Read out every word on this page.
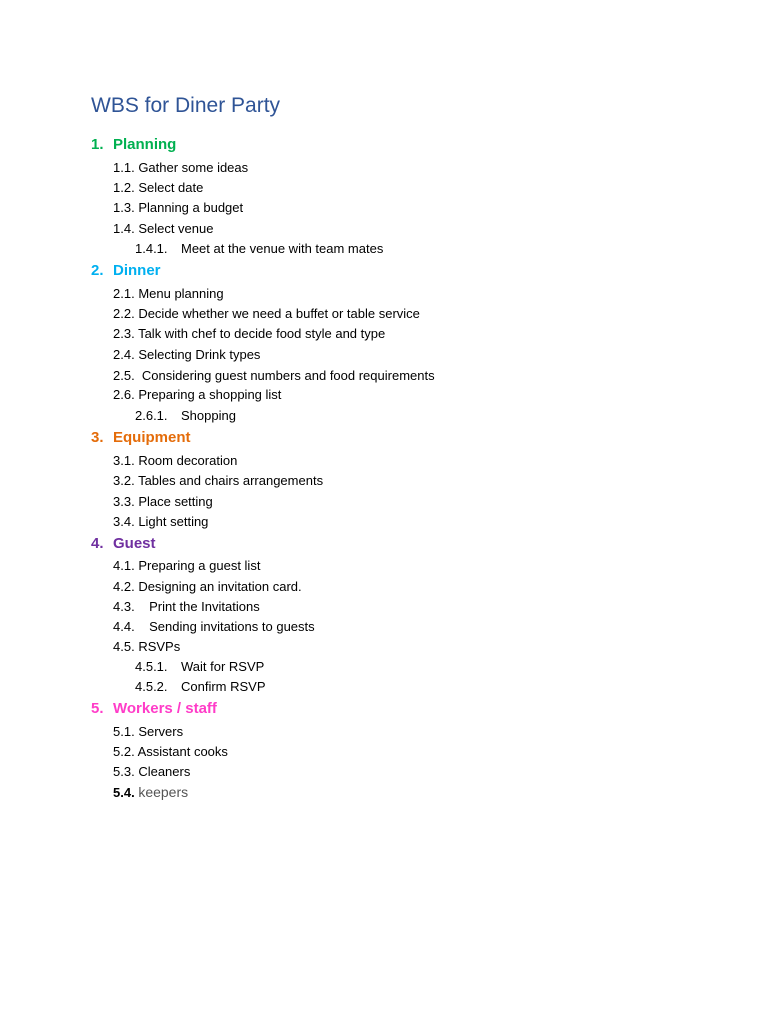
WBS for Diner Party
1. Planning
1.1. Gather some ideas
1.2. Select date
1.3. Planning a budget
1.4. Select venue
1.4.1. Meet at the venue with team mates
2. Dinner
2.1. Menu planning
2.2. Decide whether we need a buffet or table service
2.3. Talk with chef to decide food style and type
2.4. Selecting Drink types
2.5. Considering guest numbers and food requirements
2.6. Preparing a shopping list
2.6.1. Shopping
3. Equipment
3.1. Room decoration
3.2. Tables and chairs arrangements
3.3. Place setting
3.4. Light setting
4. Guest
4.1. Preparing a guest list
4.2. Designing an invitation card.
4.3. Print the Invitations
4.4. Sending invitations to guests
4.5. RSVPs
4.5.1. Wait for RSVP
4.5.2. Confirm RSVP
5. Workers / staff
5.1. Servers
5.2. Assistant cooks
5.3. Cleaners
5.4. keepers
